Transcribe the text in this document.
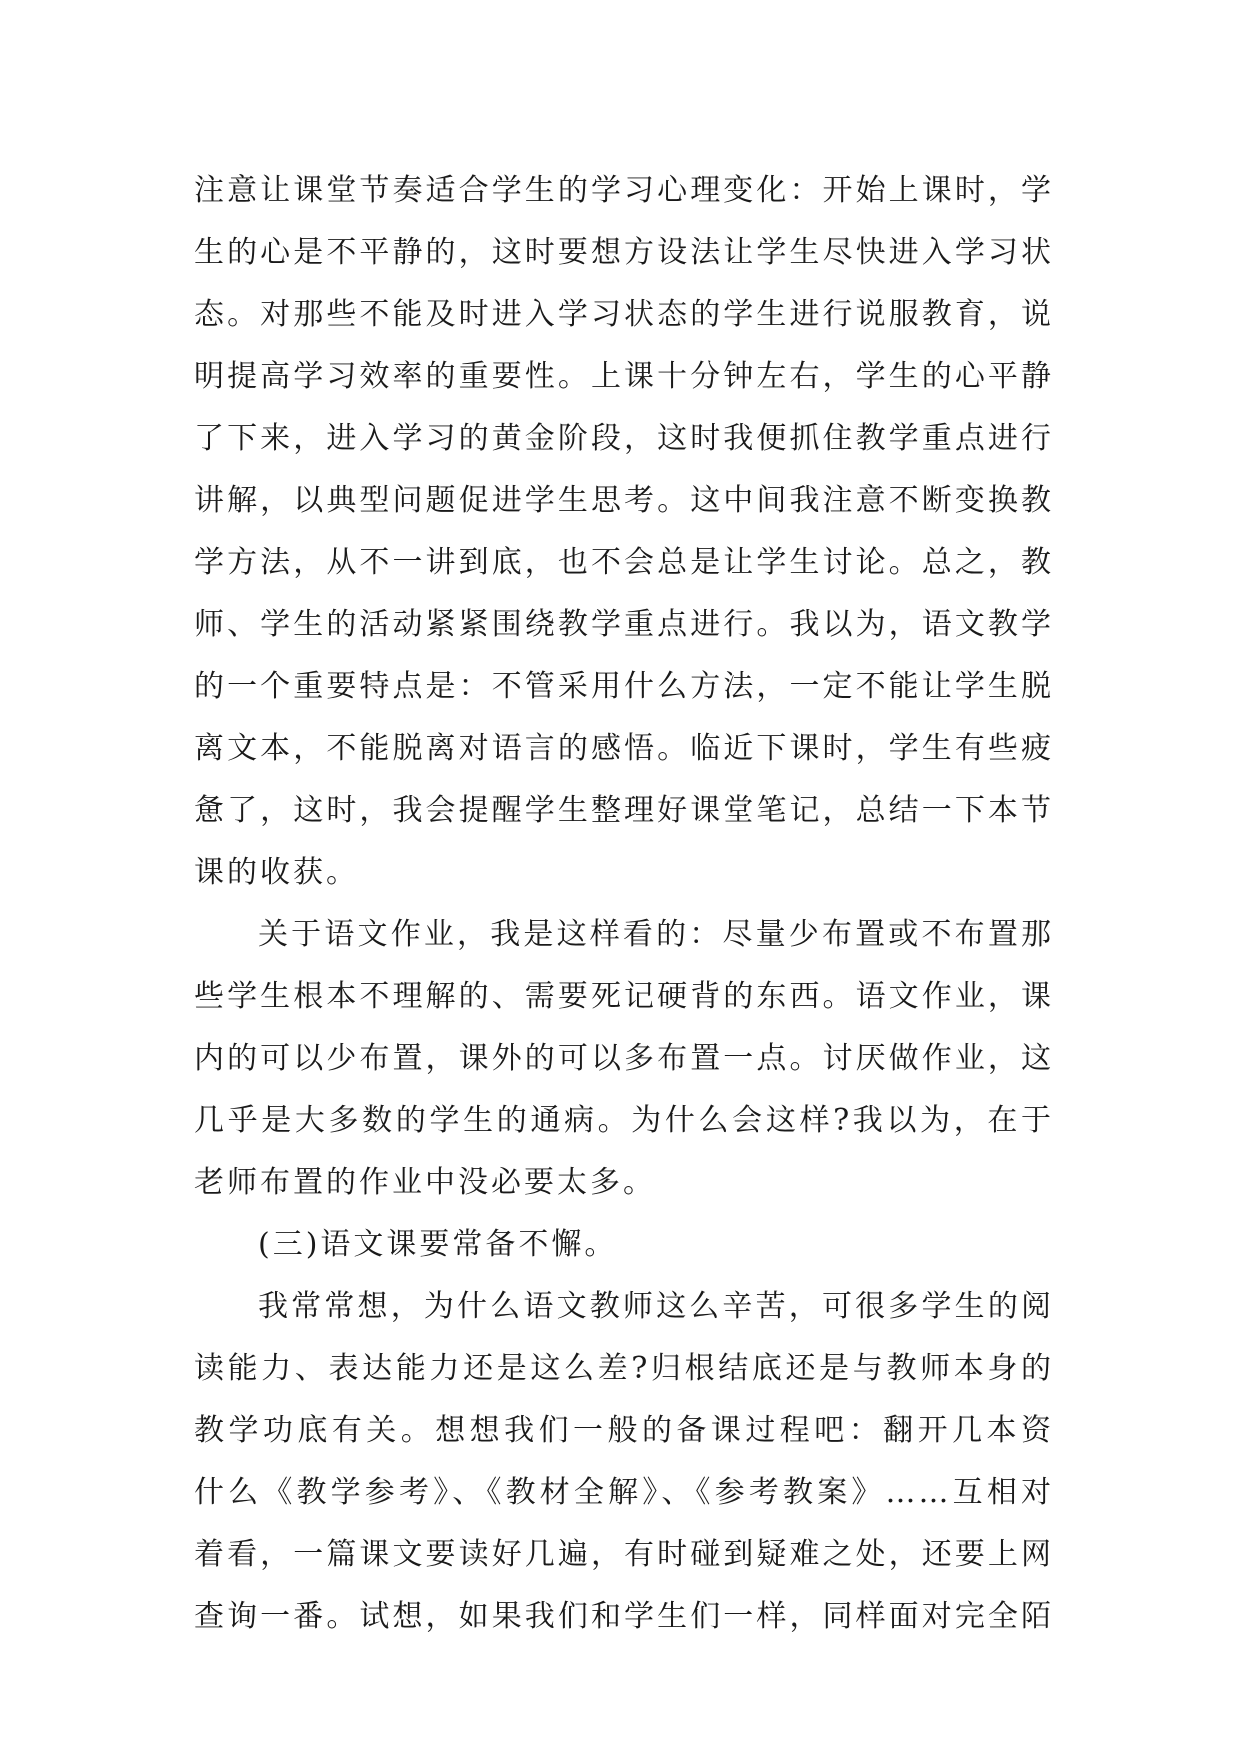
注意让课堂节奏适合学生的学习心理变化：开始上课时，学
生的心是不平静的，这时要想方设法让学生尽快进入学习状
态。对那些不能及时进入学习状态的学生进行说服教育，说
明提高学习效率的重要性。上课十分钟左右，学生的心平静
了下来，进入学习的黄金阶段，这时我便抓住教学重点进行
讲解，以典型问题促进学生思考。这中间我注意不断变换教
学方法，从不一讲到底，也不会总是让学生讨论。总之，教
师、学生的活动紧紧围绕教学重点进行。我以为，语文教学
的一个重要特点是：不管采用什么方法，一定不能让学生脱
离文本，不能脱离对语言的感悟。临近下课时，学生有些疲
惫了，这时，我会提醒学生整理好课堂笔记，总结一下本节
课的收获。
关于语文作业，我是这样看的：尽量少布置或不布置那
些学生根本不理解的、需要死记硬背的东西。语文作业，课
内的可以少布置，课外的可以多布置一点。讨厌做作业，这
几乎是大多数的学生的通病。为什么会这样?我以为，在于
老师布置的作业中没必要太多。
(三)语文课要常备不懈。
我常常想，为什么语文教师这么辛苦，可很多学生的阅
读能力、表达能力还是这么差?归根结底还是与教师本身的
教学功底有关。想想我们一般的备课过程吧：翻开几本资
什么《教学参考》、《教材全解》、《参考教案》……互相对
着看，一篇课文要读好几遍，有时碰到疑难之处，还要上网
查询一番。试想，如果我们和学生们一样，同样面对完全陌
